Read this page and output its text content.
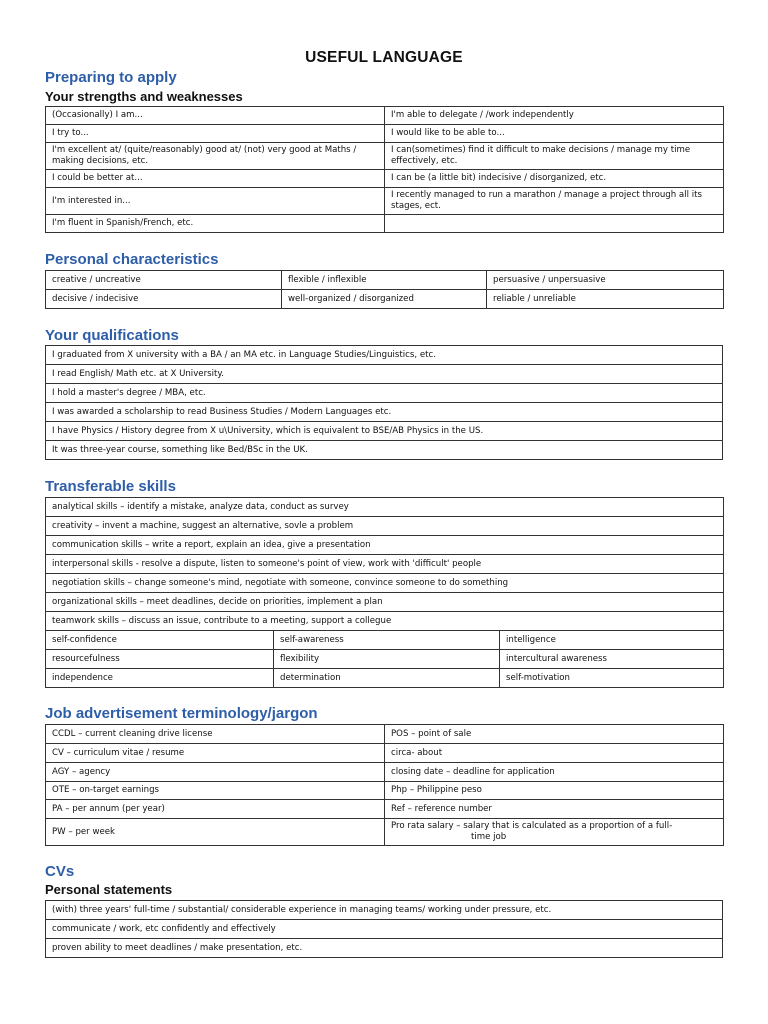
USEFUL LANGUAGE
Preparing to apply
Your strengths and weaknesses
(Occasionally) I am...	I'm able to delegate / /work independently
I try to...	I would like to be able to...
I'm excellent at/ (quite/reasonably) good at/ (not) very good at Maths / making decisions, etc.	I can(sometimes) find it difficult to make decisions / manage my time effectively, etc.
I could be better at...	I can be (a little bit) indecisive / disorganized, etc.
I'm interested in...	I recently managed to run a marathon / manage a project through all its stages, ect.
I'm fluent in Spanish/French, etc.	
Personal characteristics
creative / uncreative	flexible / inflexible	persuasive / unpersuasive
decisive / indecisive	well-organized / disorganized	reliable / unreliable
Your qualifications
I graduated from X university with a BA / an MA etc. in Language Studies/Linguistics, etc.
I read English/ Math etc. at X University.
I hold a master's degree / MBA, etc.
I was awarded a scholarship to read Business Studies / Modern Languages etc.
I have Physics / History degree from X u\University, which is equivalent to BSE/AB Physics in the US.
It was three-year course, something like Bed/BSc in the UK.
Transferable skills
analytical skills – identify a mistake, analyze data, conduct as survey		
creativity – invent a machine, suggest an alternative, sovle a problem		
communication skills – write a report, explain an idea, give a presentation		
interpersonal skills - resolve a dispute, listen to someone's point of view, work with 'difficult' people		
negotiation skills – change someone's mind, negotiate with someone, convince someone to do something		
organizational skills – meet deadlines, decide on priorities, implement a plan		
teamwork skills – discuss an issue, contribute to a meeting, support a collegue		
self-confidence	self-awareness	intelligence
resourcefulness	flexibility	intercultural awareness
independence	determination	self-motivation
Job advertisement terminology/jargon
CCDL – current cleaning drive license	POS – point of sale
CV – curriculum vitae / resume	circa- about
AGY – agency	closing date – deadline for application
OTE – on-target earnings	Php – Philippine peso
PA – per annum (per year)	Ref – reference number
PW – per week	Pro rata salary – salary that is calculated as a proportion of a full-

time job
CVs
Personal statements
(with) three years' full-time / substantial/ considerable experience in managing teams/ working under pressure, etc.
communicate / work, etc confidently and effectively
proven ability to meet deadlines / make presentation, etc.
